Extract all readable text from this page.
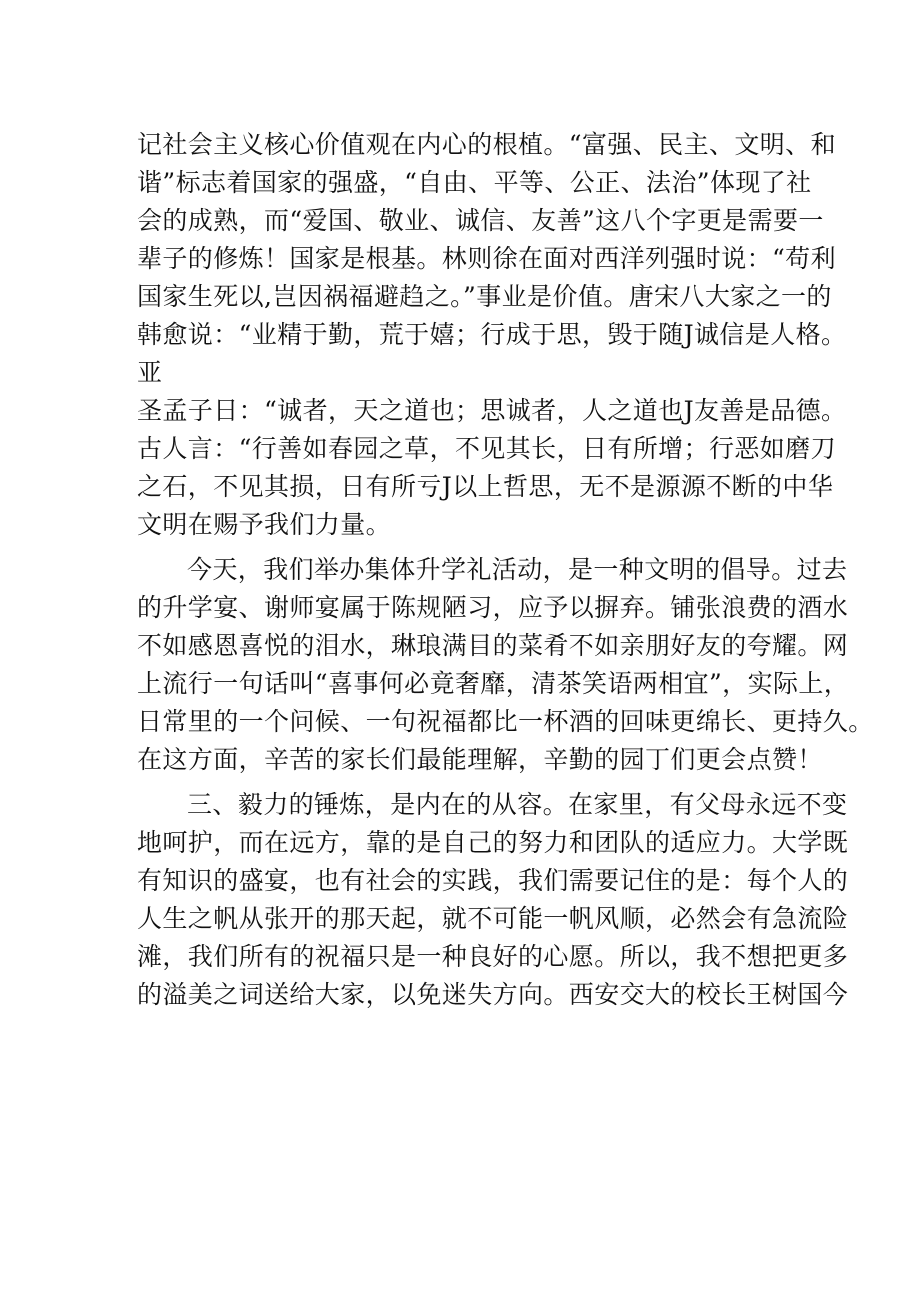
记社会主义核心价值观在内心的根植。“富强、民主、文明、和
谐”标志着国家的强盛，“自由、平等、公正、法治”体现了社
会的成熟，而“爱国、敬业、诚信、友善”这八个字更是需要一
辈子的修炼！国家是根基。林则徐在面对西洋列强时说：“苟利
国家生死以,岂因祸福避趋之。”事业是价值。唐宋八大家之一的
韩愈说：“业精于勤，荒于嬉；行成于思，毁于随J诚信是人格。
亚
圣孟子日：“诚者，天之道也；思诚者，人之道也J友善是品德。
古人言：“行善如春园之草，不见其长，日有所增；行恶如磨刀
之石，不见其损，日有所亏J以上哲思，无不是源源不断的中华
文明在赐予我们力量。
今天，我们举办集体升学礼活动，是一种文明的倡导。过去
的升学宴、谢师宴属于陈规陋习，应予以摒弃。铺张浪费的酒水
不如感恩喜悦的泪水，琳琅满目的菜肴不如亲朋好友的夸耀。网
上流行一句话叫“喜事何必竟奢靡，清茶笑语两相宜”，实际上，
日常里的一个问候、一句祝福都比一杯酒的回味更绵长、更持久。
在这方面，辛苦的家长们最能理解，辛勤的园丁们更会点赞！
三、毅力的锤炼，是内在的从容。在家里，有父母永远不变
地呵护，而在远方，靠的是自己的努力和团队的适应力。大学既
有知识的盛宴，也有社会的实践，我们需要记住的是：每个人的
人生之帆从张开的那天起，就不可能一帆风顺，必然会有急流险
滩，我们所有的祝福只是一种良好的心愿。所以，我不想把更多
的溢美之词送给大家，以免迷失方向。西安交大的校长王树国今
